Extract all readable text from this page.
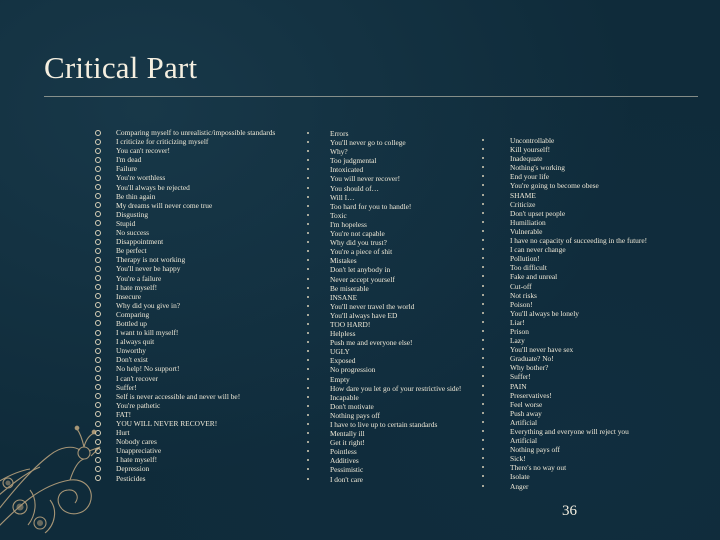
Critical Part
Comparing myself to unrealistic/impossible standards
I criticize for criticizing myself
You can't recover!
I'm dead
Failure
You're worthless
You'll always be rejected
Be thin again
My dreams will never come true
Disgusting
Stupid
No success
Disappointment
Be perfect
Therapy is not working
You'll never be happy
You're a failure
I hate myself!
Insecure
Why did you give in?
Comparing
Bottled up
I want to kill myself!
I always quit
Unworthy
Don't exist
No help! No support!
I can't recover
Suffer!
Self is never accessible and never will be!
You're pathetic
FAT!
YOU WILL NEVER RECOVER!
Hurt
Nobody cares
Unappreciative
I hate myself!
Depression
Pesticides
Errors
You'll never go to college
Why?
Too judgmental
Intoxicated
You will never recover!
You should of…
Will I…
Too hard for you to handle!
Toxic
I'm hopeless
You're not capable
Why did you trust?
You're a piece of shit
Mistakes
Don't let anybody in
Never accept yourself
Be miserable
INSANE
You'll never travel the world
You'll always have ED
TOO HARD!
Helpless
Push me and everyone else!
UGLY
Exposed
No progression
Empty
How dare you let go of your restrictive side!
Incapable
Don't motivate
Nothing pays off
I have to live up to certain standards
Mentally ill
Get it right!
Pointless
Additives
Pessimistic
I don't care
Uncontrollable
Kill yourself!
Inadequate
Nothing's working
End your life
You're going to become obese
SHAME
Criticize
Don't upset people
Humiliation
Vulnerable
I have no capacity of succeeding in the future!
I can never change
Pollution!
Too difficult
Fake and unreal
Cut-off
Not risks
Poison!
You'll always be lonely
Liar!
Prison
Lazy
You'll never have sex
Graduate? No!
Why bother?
Suffer!
PAIN
Preservatives!
Feel worse
Push away
Artificial
Everything and everyone will reject you
Artificial
Nothing pays off
Sick!
There's no way out
Isolate
Anger
36
